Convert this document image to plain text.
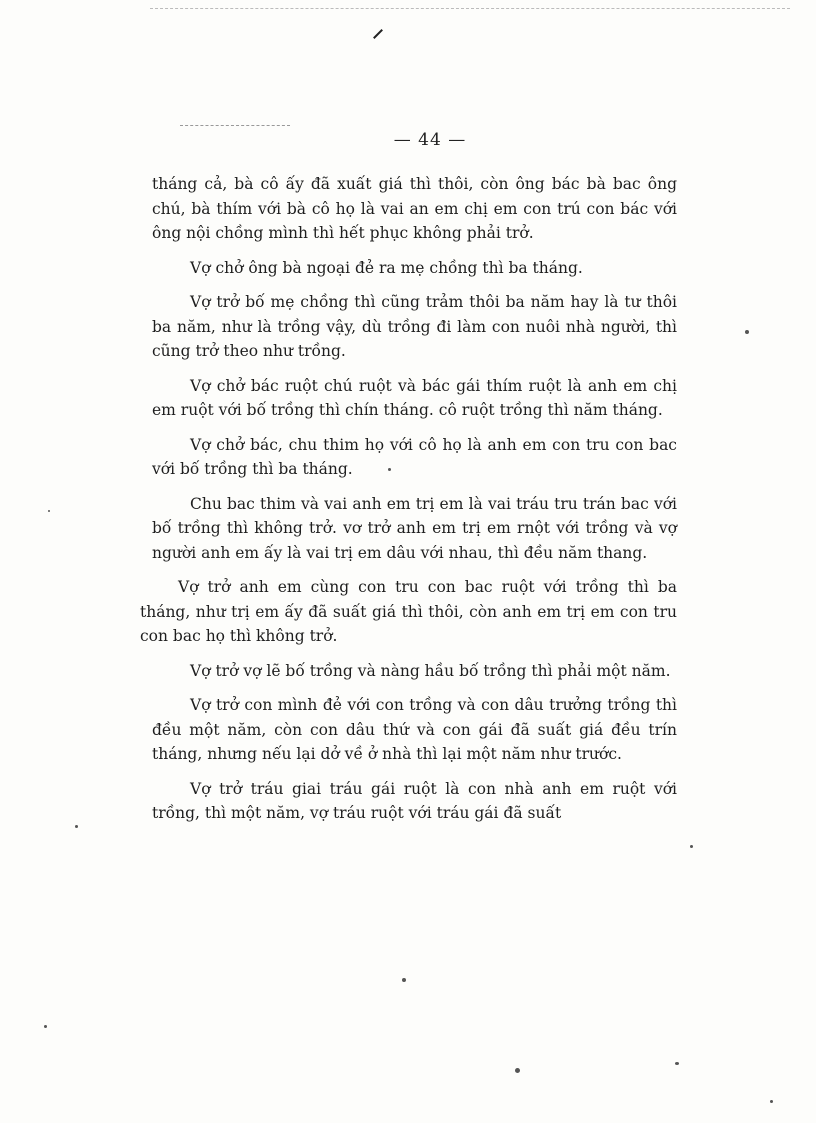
— 44 —

tháng cả, bà cô ấy đã xuất giá thì thôi, còn ông bác bà bac ông chú, bà thím với bà cô họ là vai an em chị em con trú con bác với ông nội chồng mình thì hết phục không phải trở.

Vợ chở ông bà ngoại đẻ ra mẹ chồng thì ba tháng.

Vợ trở bố mẹ chồng thì cũng trảm thôi ba năm hay là tư thôi ba năm, như là trồng vậy, dù trồng đi làm con nuôi nhà người, thì cũng trở theo như trồng.

Vợ chở bác ruột chú ruột và bác gái thím ruột là anh em chị em ruột với bố trồng thì chín tháng. cô ruột trồng thì năm tháng.

Vợ chở bác, chu thim họ với cô họ là anh em con tru con bac với bố trồng thì ba tháng.

Chu bac thim và vai anh em trị em là vai tráu tru trán bac với bố trồng thì không trở. vơ trở anh em trị em rnột với trồng và vợ người anh em ấy là vai trị em dâu với nhau, thì đều năm thang.

Vợ trở anh em cùng con tru con bac ruột với trồng thì ba tháng, như trị em ấy đã suất giá thì thôi, còn anh em trị em con tru con bac họ thì không trở.

Vợ trở vợ lẽ bố trồng và nàng hầu bố trồng thì phải một năm.

Vợ trở con mình đẻ với con trồng và con dâu trưởng trồng thì đều một năm, còn con dâu thứ và con gái đã suất giá đều trín tháng, nhưng nếu lại dở về ở nhà thì lại một năm như trước.

Vợ trở tráu giai tráu gái ruột là con nhà anh em ruột với trồng, thì một năm, vợ tráu ruột với tráu gái đã suất
